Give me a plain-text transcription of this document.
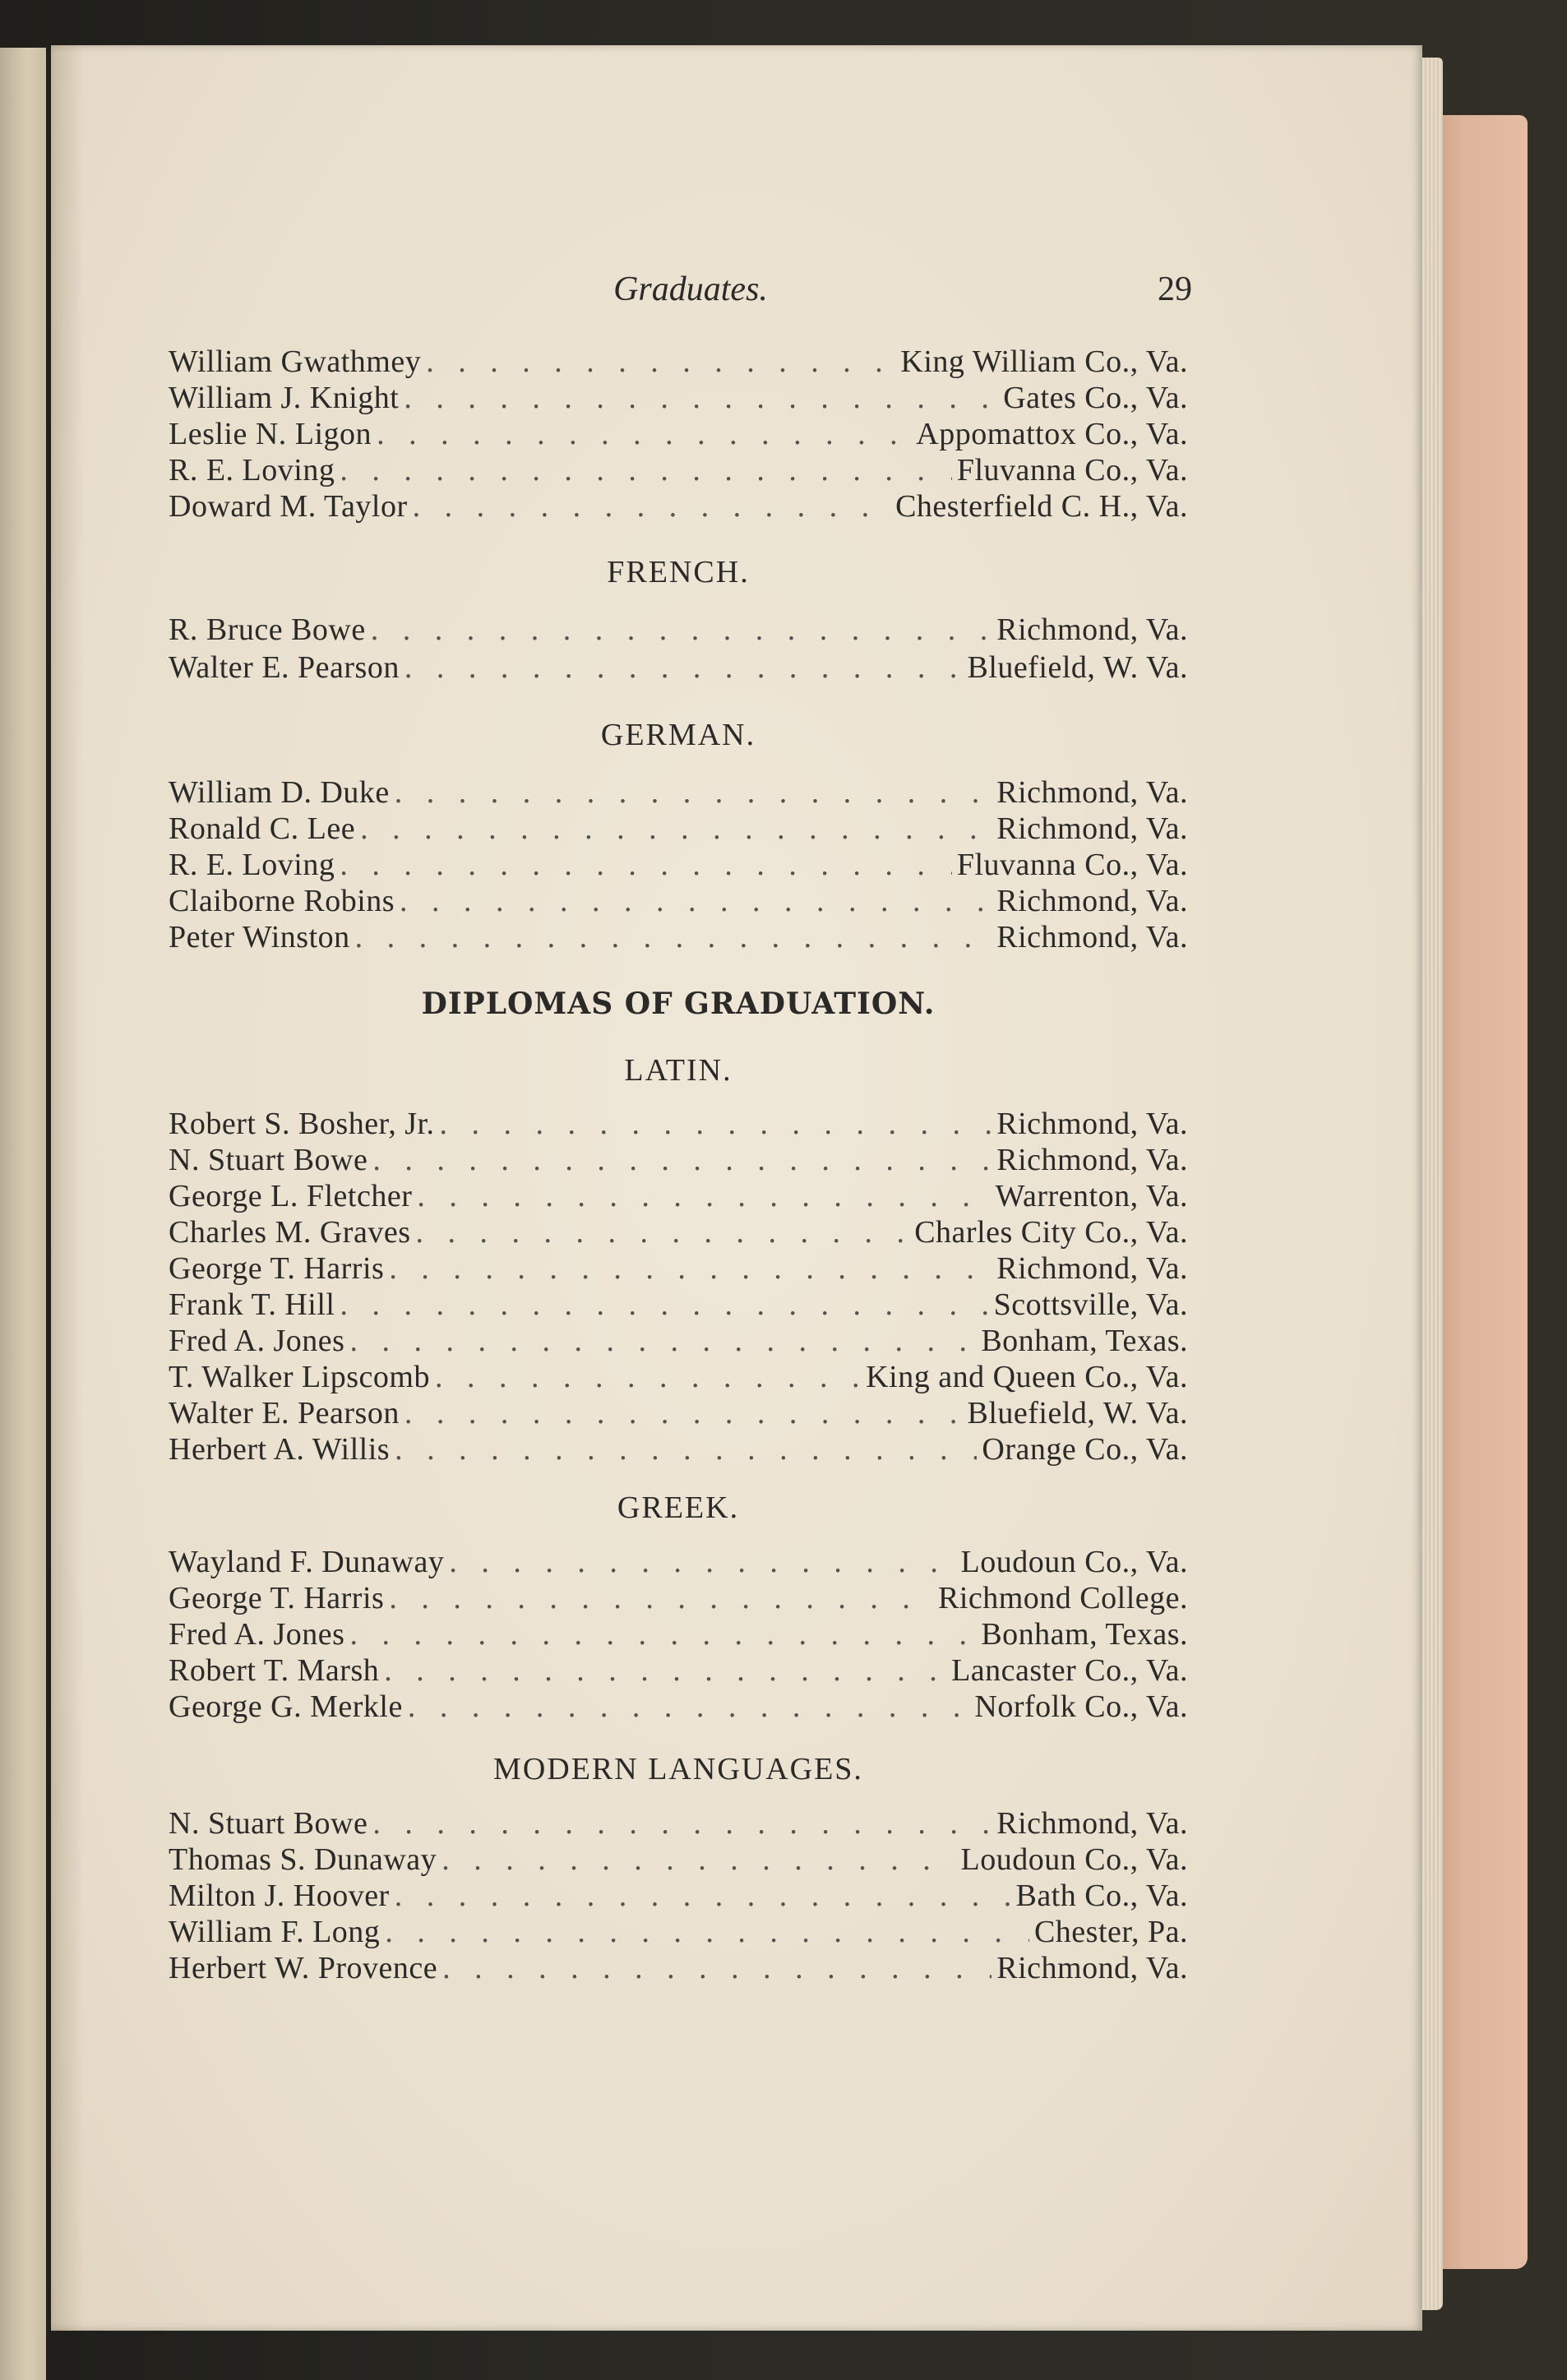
Graduates.	29
William Gwathmey . . .	King William Co., Va.
William J. Knight . . .	Gates Co., Va.
Leslie N. Ligon . . .	Appomattox Co., Va.
R. E. Loving . . .	Fluvanna Co., Va.
Doward M. Taylor . . .	Chesterfield C. H., Va.
FRENCH.
R. Bruce Bowe . . .	Richmond, Va.
Walter E. Pearson . . .	Bluefield, W. Va.
GERMAN.
William D. Duke . . .	Richmond, Va.
Ronald C. Lee . . .	Richmond, Va.
R. E. Loving . . .	Fluvanna Co., Va.
Claiborne Robins . . .	Richmond, Va.
Peter Winston . . .	Richmond, Va.
DIPLOMAS OF GRADUATION.
LATIN.
Robert S. Bosher, Jr. . . .	Richmond, Va.
N. Stuart Bowe . . .	Richmond, Va.
George L. Fletcher . . .	Warrenton, Va.
Charles M. Graves . . .	Charles City Co., Va.
George T. Harris . . .	Richmond, Va.
Frank T. Hill . . .	Scottsville, Va.
Fred A. Jones . . .	Bonham, Texas.
T. Walker Lipscomb . . .	King and Queen Co., Va.
Walter E. Pearson . . .	Bluefield, W. Va.
Herbert A. Willis . . .	Orange Co., Va.
GREEK.
Wayland F. Dunaway . . .	Loudoun Co., Va.
George T. Harris . . .	Richmond College.
Fred A. Jones . . .	Bonham, Texas.
Robert T. Marsh . . .	Lancaster Co., Va.
George G. Merkle . . .	Norfolk Co., Va.
MODERN LANGUAGES.
N. Stuart Bowe . . .	Richmond, Va.
Thomas S. Dunaway . . .	Loudoun Co., Va.
Milton J. Hoover . . .	Bath Co., Va.
William F. Long . . .	Chester, Pa.
Herbert W. Provence . . .	Richmond, Va.
